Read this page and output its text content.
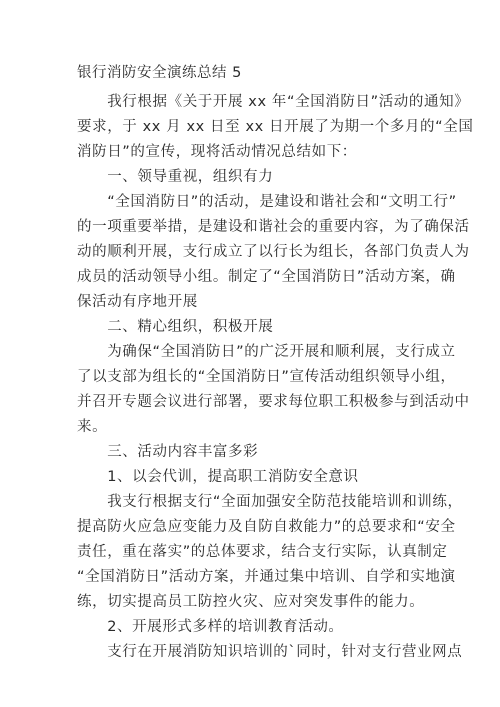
银行消防安全演练总结 5

　　我行根据《关于开展 xx 年“全国消防日”活动的通知》

要求，于 xx 月 xx 日至 xx 日开展了为期一个多月的“全国

消防日”的宣传，现将活动情况总结如下：

　　一、领导重视，组织有力

　　“全国消防日”的活动，是建设和谐社会和“文明工行”

的一项重要举措，是建设和谐社会的重要内容，为了确保活

动的顺利开展，支行成立了以行长为组长，各部门负责人为

成员的活动领导小组。制定了“全国消防日”活动方案，确

保活动有序地开展

　　二、精心组织，积极开展

　　为确保“全国消防日”的广泛开展和顺利展，支行成立

了以支部为组长的“全国消防日”宣传活动组织领导小组，

并召开专题会议进行部署，要求每位职工积极参与到活动中

来。

　　三、活动内容丰富多彩

　　1、以会代训，提高职工消防安全意识

　　我支行根据支行“全面加强安全防范技能培训和训练，

提高防火应急应变能力及自防自救能力”的总要求和“安全

责任，重在落实”的总体要求，结合支行实际，认真制定

“全国消防日”活动方案，并通过集中培训、自学和实地演

练，切实提高员工防控火灾、应对突发事件的能力。

　　2、开展形式多样的培训教育活动。

　　支行在开展消防知识培训的`同时，针对支行营业网点
